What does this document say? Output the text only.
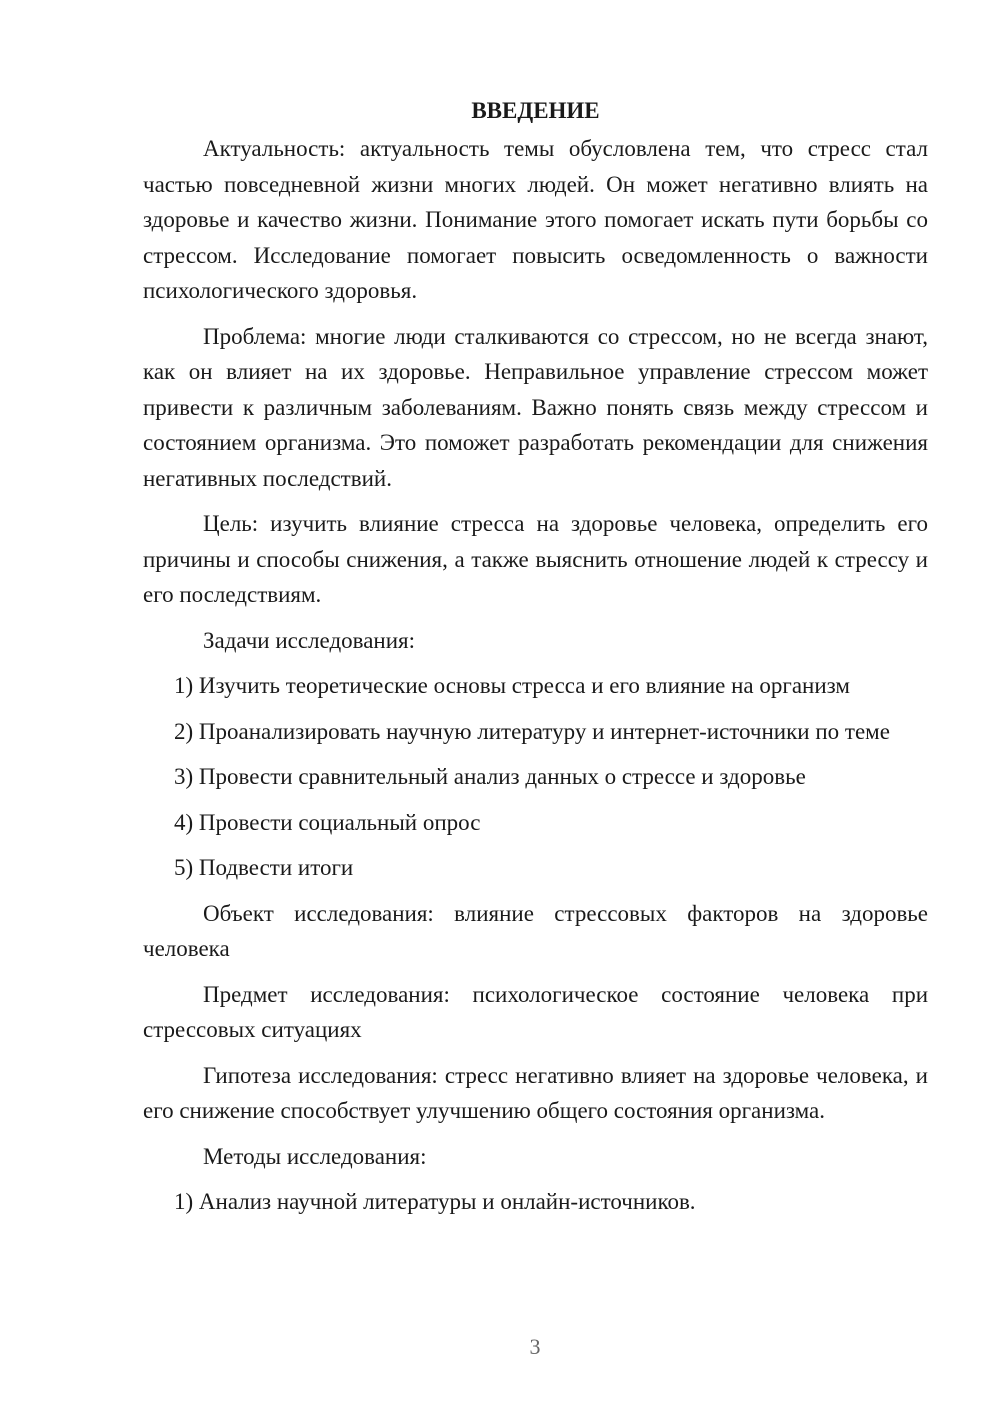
ВВЕДЕНИЕ

Актуальность: актуальность темы обусловлена тем, что стресс стал частью повседневной жизни многих людей. Он может негативно влиять на здоровье и качество жизни. Понимание этого помогает искать пути борьбы со стрессом. Исследование помогает повысить осведомленность о важности психологического здоровья.

Проблема: многие люди сталкиваются со стрессом, но не всегда знают, как он влияет на их здоровье. Неправильное управление стрессом может привести к различным заболеваниям. Важно понять связь между стрессом и состоянием организма. Это поможет разработать рекомендации для снижения негативных последствий.

Цель: изучить влияние стресса на здоровье человека, определить его причины и способы снижения, а также выяснить отношение людей к стрессу и его последствиям.

Задачи исследования:

1) Изучить теоретические основы стресса и его влияние на организм

2) Проанализировать научную литературу и интернет-источники по теме

3) Провести сравнительный анализ данных о стрессе и здоровье

4) Провести социальный опрос

5) Подвести итоги

Объект исследования: влияние стрессовых факторов на здоровье человека

Предмет исследования: психологическое состояние человека при стрессовых ситуациях

Гипотеза исследования: стресс негативно влияет на здоровье человека, и его снижение способствует улучшению общего состояния организма.

Методы исследования:

1) Анализ научной литературы и онлайн-источников.

3
